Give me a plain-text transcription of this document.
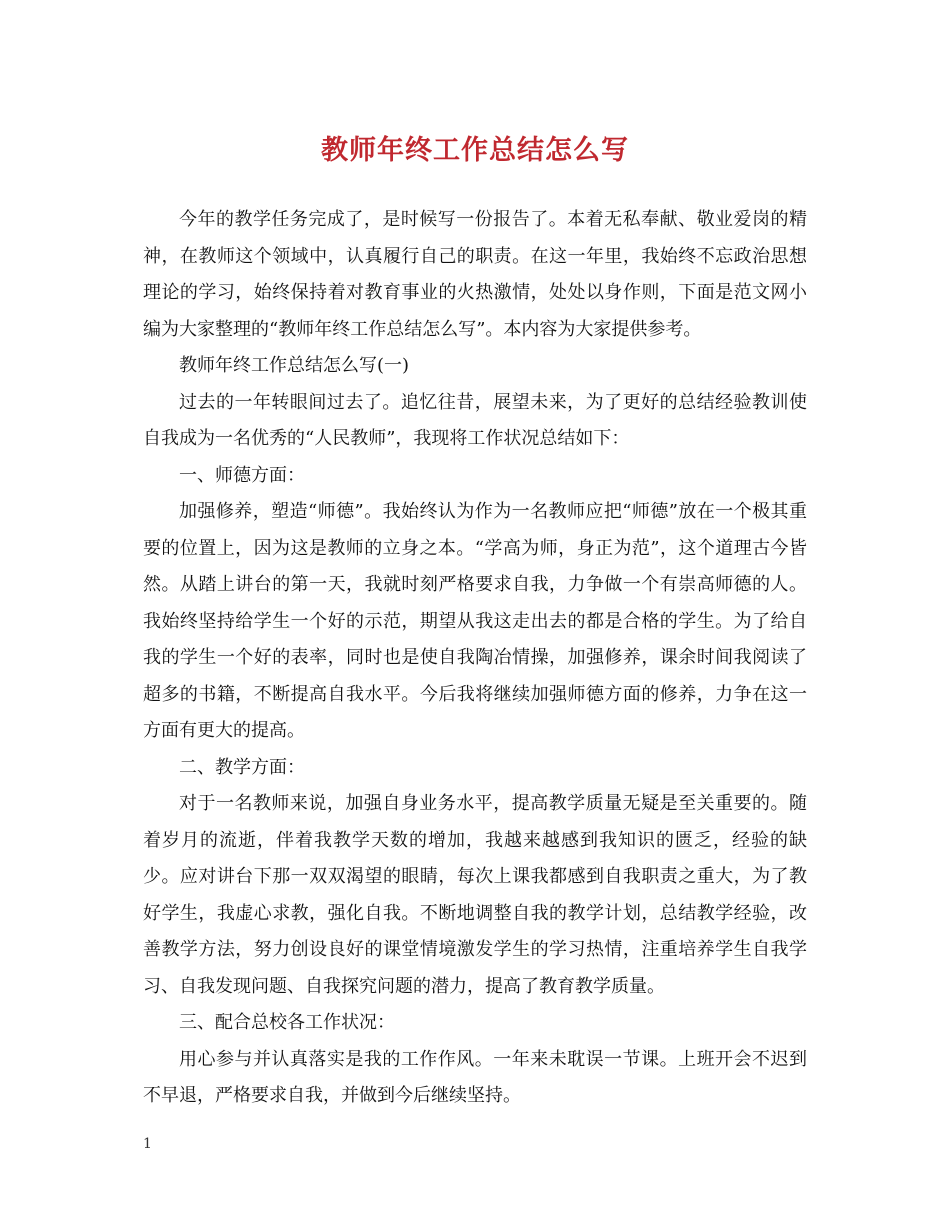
教师年终工作总结怎么写

今年的教学任务完成了，是时候写一份报告了。本着无私奉献、敬业爱岗的精神，在教师这个领域中，认真履行自己的职责。在这一年里，我始终不忘政治思想理论的学习，始终保持着对教育事业的火热激情，处处以身作则，下面是范文网小编为大家整理的“教师年终工作总结怎么写”。本内容为大家提供参考。

教师年终工作总结怎么写(一)

过去的一年转眼间过去了。追忆往昔，展望未来，为了更好的总结经验教训使自我成为一名优秀的“人民教师”，我现将工作状况总结如下：

一、师德方面：

加强修养，塑造“师德”。我始终认为作为一名教师应把“师德”放在一个极其重要的位置上，因为这是教师的立身之本。“学高为师，身正为范”，这个道理古今皆然。从踏上讲台的第一天，我就时刻严格要求自我，力争做一个有崇高师德的人。我始终坚持给学生一个好的示范，期望从我这走出去的都是合格的学生。为了给自我的学生一个好的表率，同时也是使自我陶冶情操，加强修养，课余时间我阅读了超多的书籍，不断提高自我水平。今后我将继续加强师德方面的修养，力争在这一方面有更大的提高。

二、教学方面：

对于一名教师来说，加强自身业务水平，提高教学质量无疑是至关重要的。随着岁月的流逝，伴着我教学天数的增加，我越来越感到我知识的匮乏，经验的缺少。应对讲台下那一双双渴望的眼睛，每次上课我都感到自我职责之重大，为了教好学生，我虚心求教，强化自我。不断地调整自我的教学计划，总结教学经验，改善教学方法，努力创设良好的课堂情境激发学生的学习热情，注重培养学生自我学习、自我发现问题、自我探究问题的潜力，提高了教育教学质量。

三、配合总校各工作状况：

用心参与并认真落实是我的工作作风。一年来未耽误一节课。上班开会不迟到不早退，严格要求自我，并做到今后继续坚持。

1
